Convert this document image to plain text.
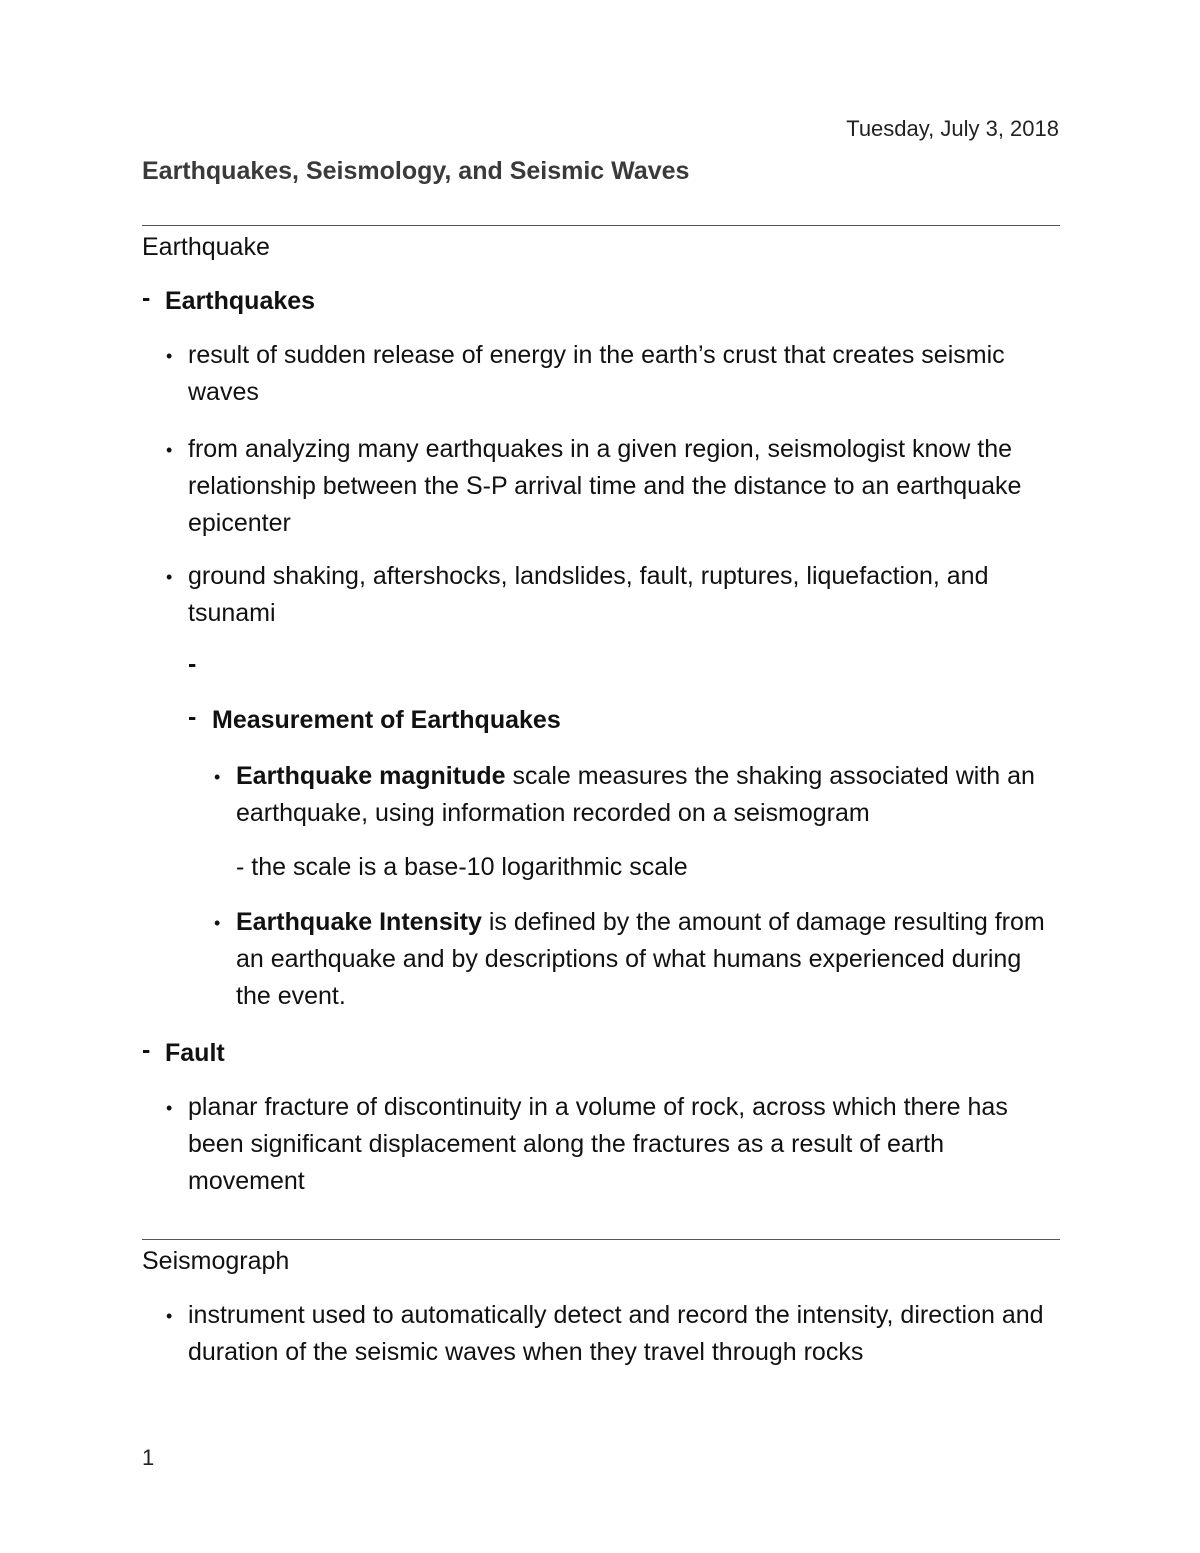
Tuesday, July 3, 2018
Earthquakes, Seismology, and Seismic Waves
Earthquake
- Earthquakes
• result of sudden release of energy in the earth’s crust that creates seismic waves
• from analyzing many earthquakes in a given region, seismologist know the relationship between the S-P arrival time and the distance to an earthquake epicenter
• ground shaking, aftershocks, landslides, fault, ruptures, liquefaction, and tsunami
-
- Measurement of Earthquakes
• Earthquake magnitude scale measures the shaking associated with an earthquake, using information recorded on a seismogram
- the scale is a base-10 logarithmic scale
• Earthquake Intensity is defined by the amount of damage resulting from an earthquake and by descriptions of what humans experienced during the event.
- Fault
• planar fracture of discontinuity in a volume of rock, across which there has been significant displacement along the fractures as a result of earth movement
Seismograph
• instrument used to automatically detect and record the intensity, direction and duration of the seismic waves when they travel through rocks
1
